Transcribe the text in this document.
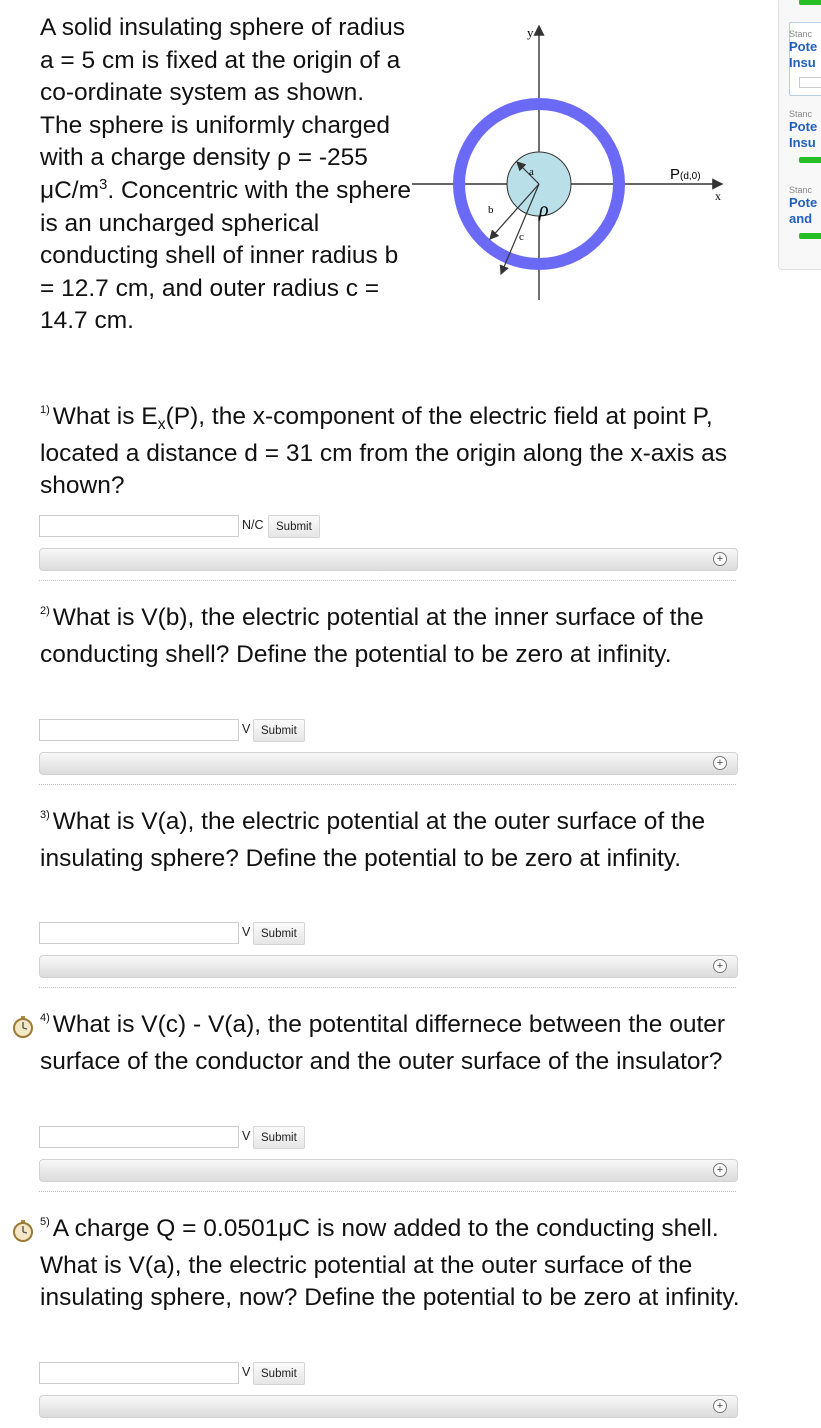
A solid insulating sphere of radius a = 5 cm is fixed at the origin of a co-ordinate system as shown. The sphere is uniformly charged with a charge density ρ = -255 $\mu C/m^3$. Concentric with the sphere is an uncharged spherical conducting shell of inner radius b = 12.7 cm, and outer radius c = 14.7 cm.

y
a
ρ
b
c
P(d,0)
x
$^{1)}$ What is $E_x(P)$, the x-component of the electric field at point P, located a distance d = 31 cm from the origin along the x-axis as shown?
N/C	Submit
+
$^{2)}$ What is V(b), the electric potential at the inner surface of the conducting shell? Define the potential to be zero at infinity.
V Submit
+
$^{3)}$ What is V(a), the electric potential at the outer surface of the insulating sphere? Define the potential to be zero at infinity.
V Submit
+
$^{4)}$ What is V(c) - V(a), the potentital differnece between the outer surface of the conductor and the outer surface of the insulator?
V Submit
+
$^{5)}$ A charge Q = 0.0501μC is now added to the conducting shell. What is V(a), the electric potential at the outer surface of the insulating sphere, now? Define the potential to be zero at infinity.
V Submit
+
Stanc
Pote
Insu
Stanc
Pote
Insu
Stanc
Pote
and
